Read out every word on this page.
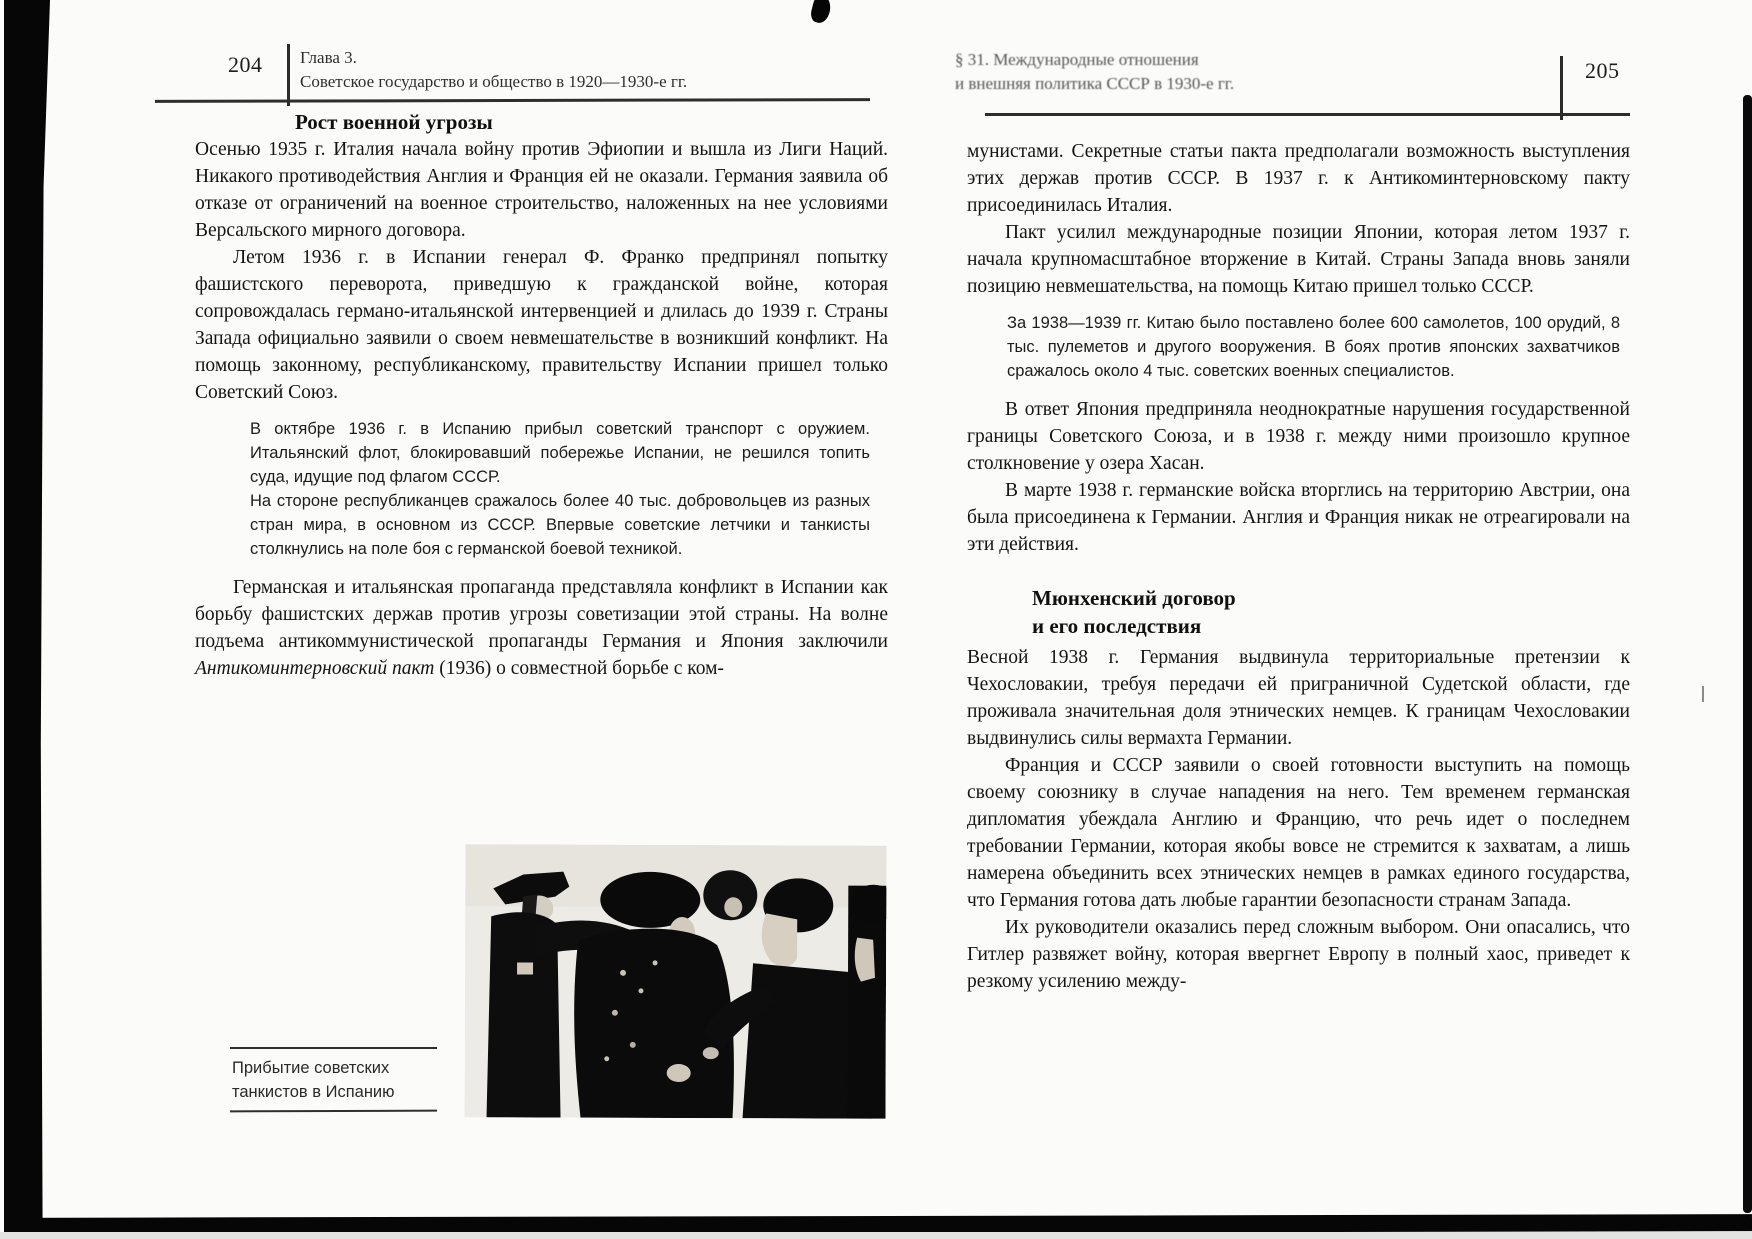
204 Глава 3.
Советское государство и общество в 1920—1930-е гг.
Рост военной угрозы

Осенью 1935 г. Италия начала войну против Эфиопии и вышла из Лиги Наций. Никакого противодействия Англия и Франция ей не оказали. Германия заявила об отказе от ограничений на военное строительство, наложенных на нее условиями Версальского мирного договора.

Летом 1936 г. в Испании генерал Ф. Франко предпринял попытку фашистского переворота, приведшую к гражданской войне, которая сопровождалась германо-итальянской интервенцией и длилась до 1939 г. Страны Запада официально заявили о своем невмешательстве в возникший конфликт. На помощь законному, республиканскому, правительству Испании пришел только Советский Союз.

В октябре 1936 г. в Испанию прибыл советский транспорт с оружием. Итальянский флот, блокировавший побережье Испании, не решился топить суда, идущие под флагом СССР.

На стороне республиканцев сражалось более 40 тыс. добровольцев из разных стран мира, в основном из СССР. Впервые советские летчики и танкисты столкнулись на поле боя с германской боевой техникой.

Германская и итальянская пропаганда представляла конфликт в Испании как борьбу фашистских держав против угрозы советизации этой страны. На волне подъема антикоммунистической пропаганды Германия и Япония заключили Антикоминтерновский пакт (1936) о совместной борьбе с ком-

Прибытие советских
танкистов в Испанию
§ 31. Международные отношения
и внешняя политика СССР в 1930-е гг.
205

мунистами. Секретные статьи пакта предполагали возможность выступления этих держав против СССР. В 1937 г. к Антикоминтерновскому пакту присоединилась Италия.

Пакт усилил международные позиции Японии, которая летом 1937 г. начала крупномасштабное вторжение в Китай. Страны Запада вновь заняли позицию невмешательства, на помощь Китаю пришел только СССР.

За 1938—1939 гг. Китаю было поставлено более 600 самолетов, 100 орудий, 8 тыс. пулеметов и другого вооружения. В боях против японских захватчиков сражалось около 4 тыс. советских военных специалистов.

В ответ Япония предприняла неоднократные нарушения государственной границы Советского Союза, и в 1938 г. между ними произошло крупное столкновение у озера Хасан.

В марте 1938 г. германские войска вторглись на территорию Австрии, она была присоединена к Германии. Англия и Франция никак не отреагировали на эти действия.

Мюнхенский договор
и его последствия

Весной 1938 г. Германия выдвинула территориальные претензии к Чехословакии, требуя передачи ей приграничной Судетской области, где проживала значительная доля этнических немцев. К границам Чехословакии выдвинулись силы вермахта Германии.

Франция и СССР заявили о своей готовности выступить на помощь своему союзнику в случае нападения на него. Тем временем германская дипломатия убеждала Англию и Францию, что речь идет о последнем требовании Германии, которая якобы вовсе не стремится к захватам, а лишь намерена объединить всех этнических немцев в рамках единого государства, что Германия готова дать любые гарантии безопасности странам Запада.

Их руководители оказались перед сложным выбором. Они опасались, что Гитлер развяжет войну, которая ввергнет Европу в полный хаос, приведет к резкому усилению между-
